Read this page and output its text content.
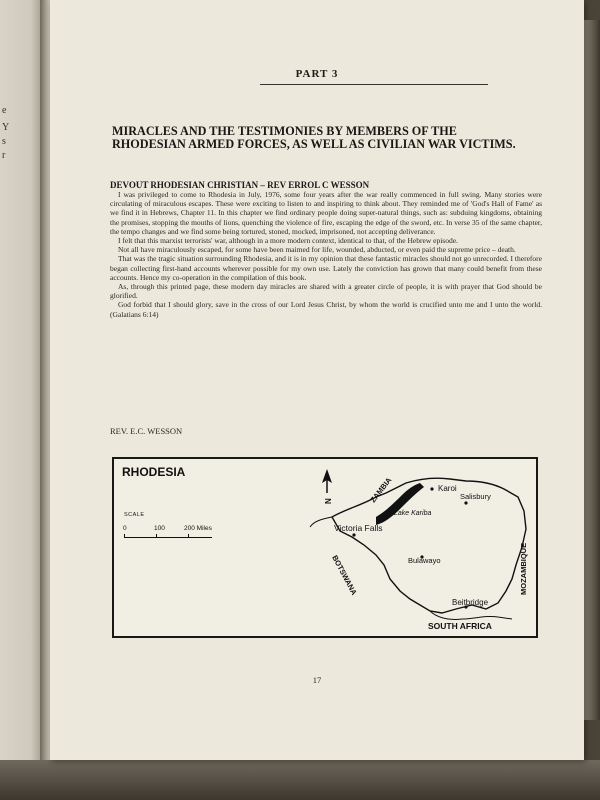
e
Y
s
r
PART 3
MIRACLES AND THE TESTIMONIES BY MEMBERS OF THE RHODESIAN ARMED FORCES, AS WELL AS CIVILIAN WAR VICTIMS.
DEVOUT RHODESIAN CHRISTIAN – REV ERROL C WESSON

I was privileged to come to Rhodesia in July, 1976, some four years after the war really commenced in full swing. Many stories were circulating of miraculous escapes. These were exciting to listen to and inspiring to think about. They reminded me of 'God's Hall of Fame' as we find it in Hebrews, Chapter 11. In this chapter we find ordinary people doing super-natural things, such as: subduing kingdoms, obtaining the promises, stopping the mouths of lions, quenching the violence of fire, escaping the edge of the sword, etc. In verse 35 of the same chapter, the tempo changes and we find some being tortured, stoned, mocked, imprisoned, not accepting deliverance.

I felt that this marxist terrorists' war, although in a more modern context, identical to that, of the Hebrew episode.

Not all have miraculously escaped, for some have been maimed for life, wounded, abducted, or even paid the supreme price – death.

That was the tragic situation surrounding Rhodesia, and it is in my opinion that these fantastic miracles should not go unrecorded. I therefore began collecting first-hand accounts wherever possible for my own use. Lately the conviction has grown that many could benefit from these accounts. Hence my co-operation in the compilation of this book.

As, through this printed page, these modern day miracles are shared with a greater circle of people, it is with prayer that God should be glorified.

God forbid that I should glory, save in the cross of our Lord Jesus Christ, by whom the world is crucified unto me and I unto the world. (Galatians 6:14)

REV. E.C. WESSON
RHODESIA
SCALE
0	100	200 Miles
N	ZAMBIA	Karoi
Salisbury
Lake Kariba
Victoria Falls
Bulawayo	MOZAMBIQUE
BOTSWANA
Beitbridge
SOUTH AFRICA
17
